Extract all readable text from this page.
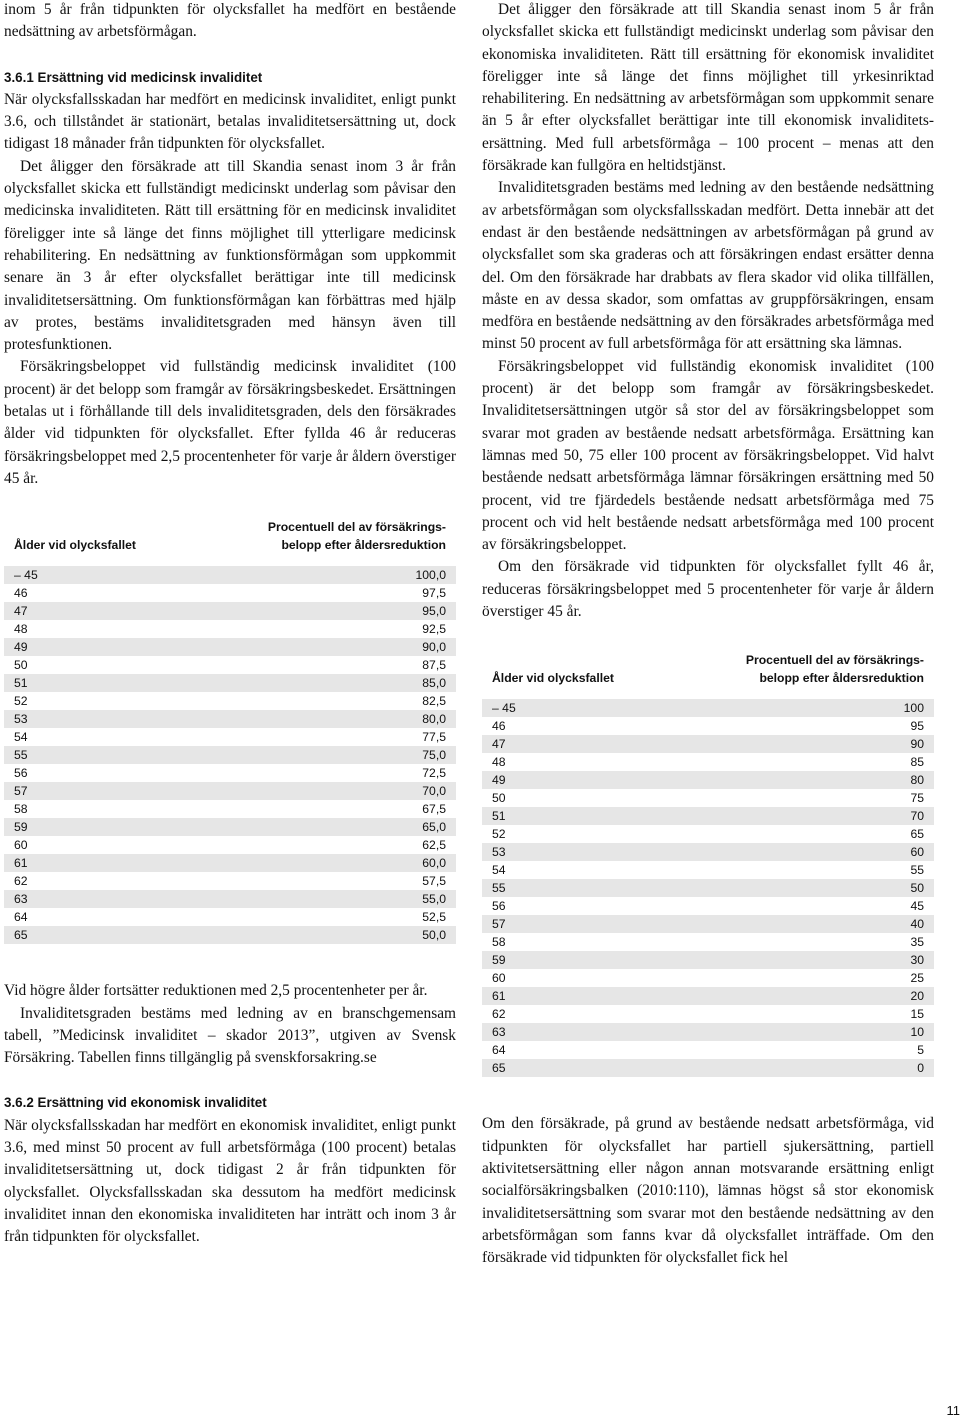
inom 5 år från tidpunkten för olycksfallet ha medfört en bestående nedsättning av arbetsförmågan.

3.6.1 Ersättning vid medicinsk invaliditet

När olycksfallsskadan har medfört en medicinsk invaliditet, enligt punkt 3.6, och tillståndet är stationärt, betalas invaliditetsersättning ut, dock tidigast 18 månader från tidpunkten för olycksfallet.

Det åligger den försäkrade att till Skandia senast inom 3 år från olycksfallet skicka ett fullständigt medicinskt underlag som påvisar den medicinska invaliditeten. Rätt till ersättning för en medicinsk invaliditet föreligger inte så länge det finns möjlighet till ytterligare medicinsk rehabilitering. En nedsättning av funktionsförmågan som uppkommit senare än 3 år efter olycksfallet berättigar inte till medicinsk invaliditetsersättning. Om funktionsförmågan kan förbättras med hjälp av protes, bestäms invaliditetsgraden med hänsyn även till protesfunktionen.

Försäkringsbeloppet vid fullständig medicinsk invaliditet (100 procent) är det belopp som framgår av försäkringsbeskedet. Ersättningen betalas ut i förhållande till dels invaliditetsgraden, dels den försäkrades ålder vid tidpunkten för olycksfallet. Efter fyllda 46 år reduceras försäkringsbeloppet med 2,5 procentenheter för varje år åldern överstiger 45 år.

Ålder vid olycksfallet	Procentuell del av försäkrings-
belopp efter åldersreduktion
– 45	100,0
46	97,5
47	95,0
48	92,5
49	90,0
50	87,5
51	85,0
52	82,5
53	80,0
54	77,5
55	75,0
56	72,5
57	70,0
58	67,5
59	65,0
60	62,5
61	60,0
62	57,5
63	55,0
64	52,5
65	50,0

Vid högre ålder fortsätter reduktionen med 2,5 procentenheter per år.

Invaliditetsgraden bestäms med ledning av en branschgemensam tabell, ”Medicinsk invaliditet – skador 2013”, utgiven av Svensk Försäkring. Tabellen finns tillgänglig på svenskforsakring.se

3.6.2 Ersättning vid ekonomisk invaliditet

När olycksfallsskadan har medfört en ekonomisk invaliditet, enligt punkt 3.6, med minst 50 procent av full arbetsförmåga (100 procent) betalas invaliditetsersättning ut, dock tidigast 2 år från tidpunkten för olycksfallet. Olycksfallsskadan ska dessutom ha medfört medicinsk invaliditet innan den ekonomiska invaliditeten har inträtt och inom 3 år från tidpunkten för olycksfallet.

Det åligger den försäkrade att till Skandia senast inom 5 år från olycksfallet skicka ett fullständigt medicinskt underlag som påvisar den ekonomiska invaliditeten. Rätt till ersättning för ekonomisk invaliditet föreligger inte så länge det finns möjlighet till yrkesinriktad rehabilitering. En nedsättning av arbetsförmågan som uppkommit senare än 5 år efter olycksfallet berättigar inte till ekonomisk invaliditetsersättning. Med full arbetsförmåga – 100 procent – menas att den försäkrade kan fullgöra en heltidstjänst.

Invaliditetsgraden bestäms med ledning av den bestående nedsättning av arbetsförmågan som olycksfallsskadan medfört. Detta innebär att det endast är den bestående nedsättningen av arbetsförmågan på grund av olycksfallet som ska graderas och att försäkringen endast ersätter denna del. Om den försäkrade har drabbats av flera skador vid olika tillfällen, måste en av dessa skador, som omfattas av gruppförsäkringen, ensam medföra en bestående nedsättning av den försäkrades arbetsförmåga med minst 50 procent av full arbetsförmåga för att ersättning ska lämnas.

Försäkringsbeloppet vid fullständig ekonomisk invaliditet (100 procent) är det belopp som framgår av försäkringsbeskedet. Invaliditetsersättningen utgör så stor del av försäkringsbeloppet som svarar mot graden av bestående nedsatt arbetsförmåga. Ersättning kan lämnas med 50, 75 eller 100 procent av försäkringsbeloppet. Vid halvt bestående nedsatt arbetsförmåga lämnar försäkringen ersättning med 50 procent, vid tre fjärdedels bestående nedsatt arbetsförmåga med 75 procent och vid helt bestående nedsatt arbetsförmåga med 100 procent av försäkringsbeloppet.

Om den försäkrade vid tidpunkten för olycksfallet fyllt 46 år, reduceras försäkringsbeloppet med 5 procentenheter för varje år åldern överstiger 45 år.

Ålder vid olycksfallet	Procentuell del av försäkrings-
belopp efter åldersreduktion
– 45	100
46	95
47	90
48	85
49	80
50	75
51	70
52	65
53	60
54	55
55	50
56	45
57	40
58	35
59	30
60	25
61	20
62	15
63	10
64	5
65	0

Om den försäkrade, på grund av bestående nedsatt arbetsförmåga, vid tidpunkten för olycksfallet har partiell sjukersättning, partiell aktivitetsersättning eller någon annan motsvarande ersättning enligt socialförsäkringsbalken (2010:110), lämnas högst så stor ekonomisk invaliditetsersättning som svarar mot den bestående nedsättning av den arbetsförmågan som fanns kvar då olycksfallet inträffade. Om den försäkrade vid tidpunkten för olycksfallet fick hel

11
